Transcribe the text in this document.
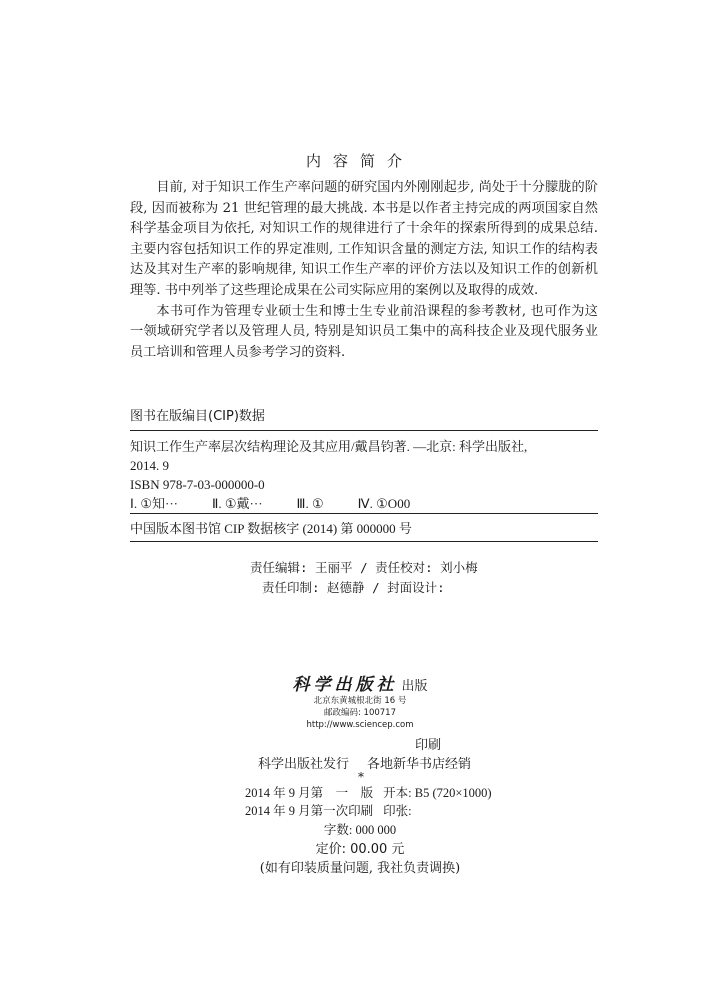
内容简介

目前, 对于知识工作生产率问题的研究国内外刚刚起步, 尚处于十分朦胧的阶段, 因而被称为 21 世纪管理的最大挑战. 本书是以作者主持完成的两项国家自然科学基金项目为依托, 对知识工作的规律进行了十余年的探索所得到的成果总结. 主要内容包括知识工作的界定准则, 工作知识含量的测定方法, 知识工作的结构表达及其对生产率的影响规律, 知识工作生产率的评价方法以及知识工作的创新机理等. 书中列举了这些理论成果在公司实际应用的案例以及取得的成效.

本书可作为管理专业硕士生和博士生专业前沿课程的参考教材, 也可作为这一领域研究学者以及管理人员, 特别是知识员工集中的高科技企业及现代服务业员工培训和管理人员参考学习的资料.

图书在版编目(CIP)数据
知识工作生产率层次结构理论及其应用/戴昌钧著. —北京: 科学出版社,
2014. 9
ISBN 978-7-03-000000-0
Ⅰ. ①知···	Ⅱ. ①戴···	Ⅲ. ①	Ⅳ. ①O00
中国版本图书馆 CIP 数据核字 (2014) 第 000000 号
责任编辑: 王丽平 / 责任校对: 刘小梅
责任印制: 赵德静 / 封面设计:
科学出版社 出版
北京东黄城根北街 16 号
邮政编码: 100717
http://www.sciencep.com
印刷
科学出版社发行 各地新华书店经销
*
2014 年 9 月第　一　版 开本: B5 (720×1000)
2014 年 9 月第一次印刷 印张:
字数: 000 000
定价: 00.00 元
(如有印装质量问题, 我社负责调换)
